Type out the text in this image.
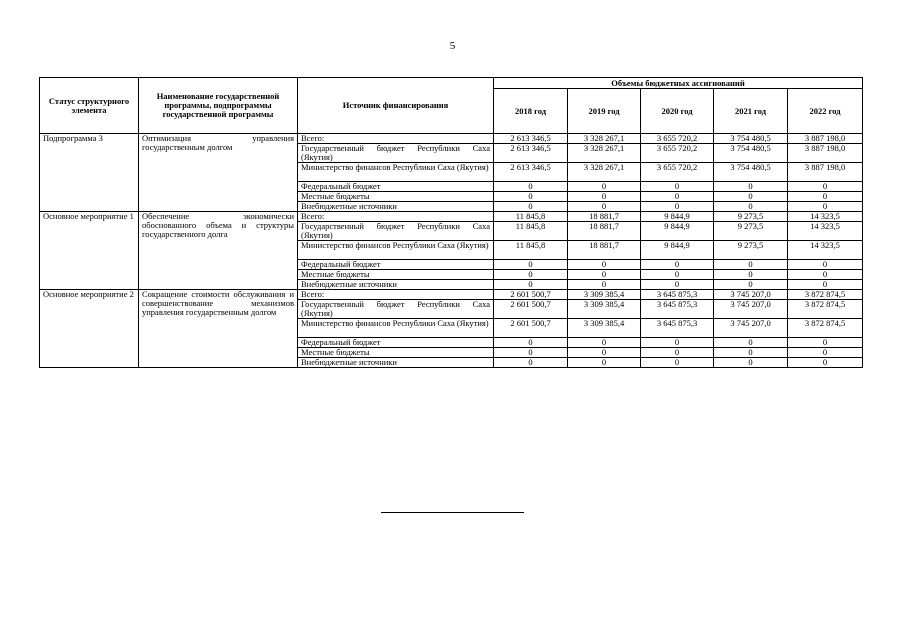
5
Статус структурного элемента	Наименование государственной программы, подпрограммы государственной программы	Источник финансирования	Объемы бюджетных ассигнований				
			2018 год	2019 год	2020 год	2021 год	2022 год
Подпрограмма 3	Оптимизация управления государственным долгом	Всего:	2 613 346,5	3 328 267,1	3 655 720,2	3 754 480,5	3 887 198,0
		Государственный бюджет Республики Саха (Якутия)	2 613 346,5	3 328 267,1	3 655 720,2	3 754 480,5	3 887 198,0
		Министерство финансов Республики Саха (Якутия)	2 613 346,5	3 328 267,1	3 655 720,2	3 754 480,5	3 887 198,0
		Федеральный бюджет	0	0	0	0	0
		Местные бюджеты	0	0	0	0	0
		Внебюджетные источники	0	0	0	0	0
Основное мероприятие 1	Обеспечение экономически обоснованного объема и структуры государственного долга	Всего:	11 845,8	18 881,7	9 844,9	9 273,5	14 323,5
		Государственный бюджет Республики Саха (Якутия)	11 845,8	18 881,7	9 844,9	9 273,5	14 323,5
		Министерство финансов Республики Саха (Якутия)	11 845,8	18 881,7	9 844,9	9 273,5	14 323,5
		Федеральный бюджет	0	0	0	0	0
		Местные бюджеты	0	0	0	0	0
		Внебюджетные источники	0	0	0	0	0
Основное мероприятие 2	Сокращение стоимости обслуживания и совершенствование механизмов управления государственным долгом	Всего:	2 601 500,7	3 309 385,4	3 645 875,3	3 745 207,0	3 872 874,5
		Государственный бюджет Республики Саха (Якутия)	2 601 500,7	3 309 385,4	3 645 875,3	3 745 207,0	3 872 874,5
		Министерство финансов Республики Саха (Якутия)	2 601 500,7	3 309 385,4	3 645 875,3	3 745 207,0	3 872 874,5
		Федеральный бюджет	0	0	0	0	0
		Местные бюджеты	0	0	0	0	0
		Внебюджетные источники	0	0	0	0	0
